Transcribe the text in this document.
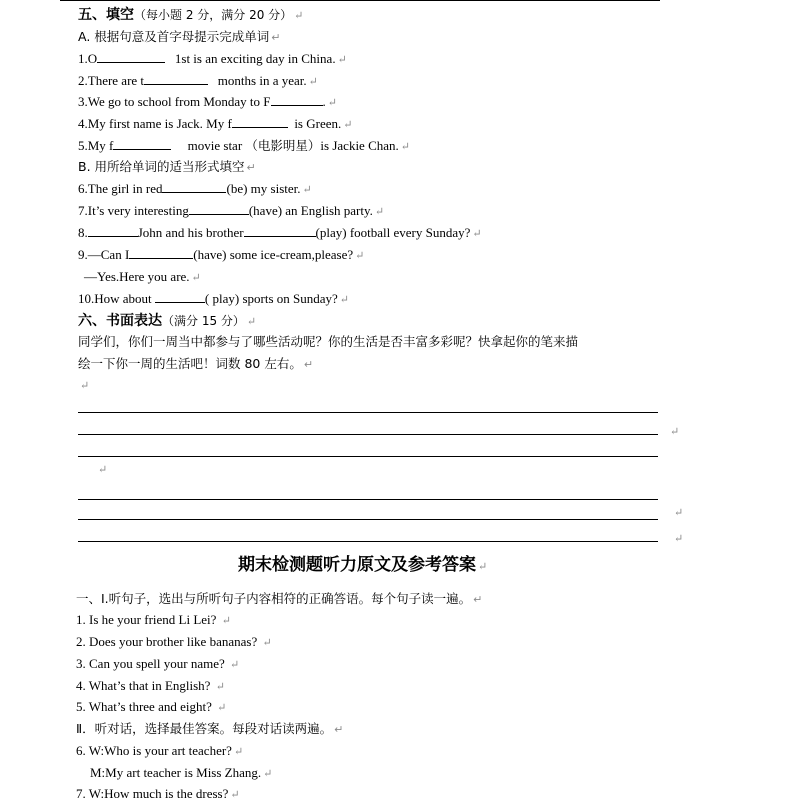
五、填空（每小题 2 分，满分 20 分） ↵
A. 根据句意及首字母提示完成单词 ↵
1.O	1st is an exciting day in China. ↵
2.There are t	months in a year. ↵
3.We go to school from Monday to F	. ↵
4.My first name is Jack. My f	is Green. ↵
5.My f	movie star （电影明星）is Jackie Chan. ↵
B. 用所给单词的适当形式填空 ↵
6.The girl in red	(be) my sister. ↵
7.It’s very interesting	(have) an English party. ↵
8.	John and his brother	(play) football every Sunday? ↵
9.—Can I	(have) some ice-cream,please? ↵
—Yes.Here you are. ↵
10.How about	( play) sports on Sunday? ↵
六、书面表达（满分 15 分） ↵
同学们，你们一周当中都参与了哪些活动呢？你的生活是否丰富多彩呢？快拿起你的笔来描
绘一下你一周的生活吧！词数 80 左右。 ↵
↵
↵
↵
↵
↵
期末检测题听力原文及参考答案 ↵
一、Ⅰ.听句子，选出与所听句子内容相符的正确答语。每个句子读一遍。 ↵
1. Is he your friend Li Lei? ↵
2. Does your brother like bananas? ↵
3. Can you spell your name? ↵
4. What’s that in English? ↵
5. What’s three and eight? ↵
Ⅱ．听对话，选择最佳答案。每段对话读两遍。 ↵
6. W:Who is your art teacher? ↵
M:My art teacher is Miss Zhang. ↵
7. W:How much is the dress? ↵
